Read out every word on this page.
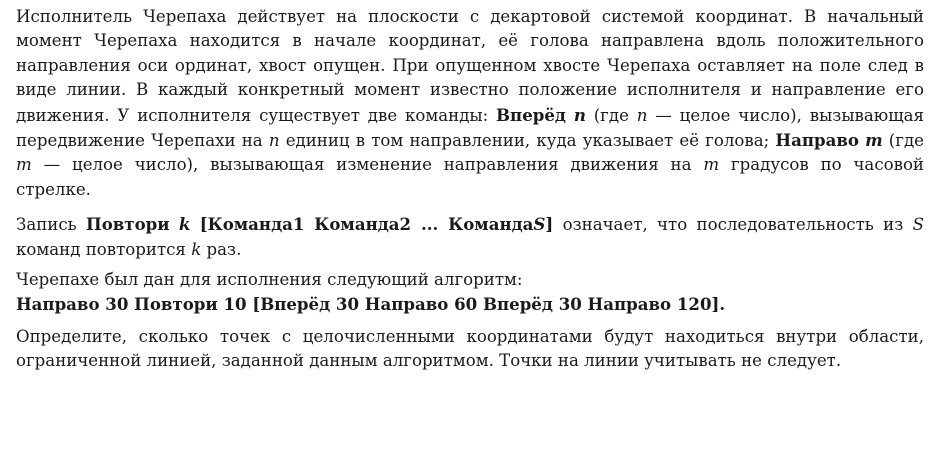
Исполнитель Черепаха действует на плоскости с декартовой системой координат. В начальный момент Черепаха находится в начале координат, её голова направлена вдоль положительного направления оси ординат, хвост опущен. При опущенном хвосте Черепаха оставляет на поле след в виде линии. В каждый конкретный момент известно положение исполнителя и направление его движения. У исполнителя существует две команды: Вперёд n (где n — целое число), вызывающая передвижение Черепахи на n единиц в том направлении, куда указывает её голова; Направо m (где m — целое число), вызывающая изменение направления движения на m градусов по часовой стрелке.

Запись Повтори k [Команда1 Команда2 ... КомандаS] означает, что последовательность из S команд повторится k раз.

Черепахе был дан для исполнения следующий алгоритм:
Направо 30 Повтори 10 [Вперёд 30 Направо 60 Вперёд 30 Направо 120].

Определите, сколько точек с целочисленными координатами будут находиться внутри области, ограниченной линией, заданной данным алгоритмом. Точки на линии учитывать не следует.
